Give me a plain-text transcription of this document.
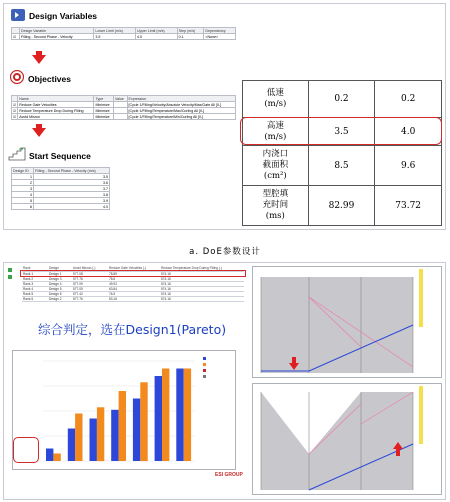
Design Variables
	Design Variable	Lower Limit (m/s)	Upper Limit (m/s)	Step (m/s)	Dependency
☑	Filling - Second Phase - Velocity	3.5	4.0	0.1	<None>
Objectives
	Name	Type	Value	Expression
☑	Reduce Gate Velocities	Minimize		[Cycle 1/Filling/Velocity/Absolute Velocity/Max/Gate All [0-]
☑	Reduce Temperature Drop During Filling	Minimize		[Cycle 1/Filling/Temperature/Max/Curling All [0-]
☑	Avoid Misrun	Minimize		[Cycle 1/Filling/Temperature/Min/Curling All [0-]
Start Sequence
Design ID	Filling - Second Phase - Velocity (m/s)
1	3.5
2	3.6
3	3.7
4	3.8
5	3.9
6	4.0
低速
(m/s)	0.2	0.2
高速
(m/s)	3.5	4.0
内浇口
截面积
(cm²)	8.5	9.6
型腔填
充时间
(ms)	82.99	73.72
a. DoE参数设计
Rank	Design	Avoid Misrun (-)	Reduce Gate Velocities (-)	Reduce Temperature Drop During Filling (-)
Rank 1	Design 1	577.08	78.89	574.16
Rank 2	Design 3	577.76	78.6	574.16
Rank 3	Design 4	577.09	49.92	574.16
Rank 4	Design 5	577.09	63.84	574.16
Rank 5	Design 6	577.42	76.5	574.16
Rank 6	Design 2	577.76	83.16	574.16
综合判定，选在Design1(Pareto)
ESI GROUP
